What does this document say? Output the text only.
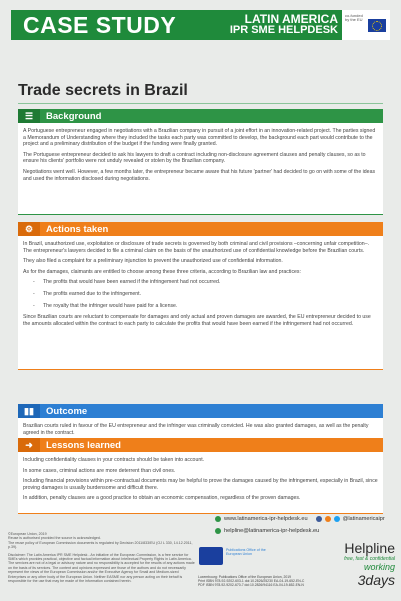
CASE STUDY	LATIN AMERICA
IPR SME HELPDESK
co-funded by the EU
Trade secrets in Brazil
☰	Background

A Portuguese entrepreneur engaged in negotiations with a Brazilian company in pursuit of a joint effort in an innovation-related project. The parties signed a Memorandum of Understanding where they included the tasks each party was committed to develop, the background each part would contribute to the project and a preliminary distribution of the budget if the funding were finally granted.

The Portuguese entrepreneur decided to ask his lawyers to draft a contract including non-disclosure agreement clauses and penalty clauses, so as to ensure his clients' portfolio were not unduly revealed or stolen by the Brazilian company.

Negotiations went well. However, a few months later, the entrepreneur became aware that his future 'partner' had decided to go on with some of the ideas and used the information disclosed during negotiations.

⚙	Actions taken

In Brazil, unauthorized use, exploitation or disclosure of trade secrets is governed by both criminal and civil provisions –concerning unfair competition–. The entrepreneur's lawyers decided to file a criminal claim on the basis of the unauthorized use of confidential knowledge before the Brazilian courts.

They also filed a complaint for a preliminary injunction to prevent the unauthorized use of confidential information.

As for the damages, claimants are entitled to choose among these three criteria, according to Brazilian law and practices:

- The profits that would have been earned if the infringement had not occurred.
- The profits earned due to the infringement.
- The royalty that the infringer would have paid for a license.

Since Brazilian courts are reluctant to compensate for damages and only actual and proven damages are awarded, the EU entrepreneur decided to use the amounts allocated within the contract to each party to calculate the profits that would have been earned if the infringement had not occurred.

▮▮	Outcome

Brazilian courts ruled in favour of the EU entrepreneur and the infringer was criminally convicted. He was also granted damages, as well as the penalty agreed in the contract.

➜	Lessons learned

Including confidentiality clauses in your contracts should be taken into account.

In some cases, criminal actions are more deterrent than civil ones.

Including financial provisions within pre-contractual documents may be helpful to prove the damages caused by the infringement, especially in Brazil, since proving damages is usually burdensome and difficult there.

In addition, penalty clauses are a good practice to obtain an economic compensation, regardless of the proven damages.

©European Union, 2019
Reuse is authorised provided the source is acknowledged.
The reuse policy of European Commission documents is regulated by Decision 2011/833/EU (OJ L 330, 14.12.2011, p.39).

Disclaimer: The Latin America IPR SME Helpdesk - An initiative of the European Commission, is a free service for SMEs which provides practical, objective and factual information about Intellectual Property Rights in Latin America. The services are not of a legal or advisory nature and no responsibility is accepted for the results of any actions made on the basis of its services. The content and opinions expressed are those of the authors and do not necessarily represent the views of the European Commission and/or the Executive Agency for Small and Medium-sized Enterprises or any other body of the European Union. Neither EASME nor any person acting on their behalf is responsible for the use that may be made of the information contained herein.

www.latinamerica-ipr-helpdesk.eu	@latinamericaipr
helpline@latinamerica-ipr-helpdesk.eu
Publications Office of the European Union
Luxembourg: Publications Office of the European Union, 2019
Print ISBN 978-92-9202-603-1 doi:10.2826/25230 EA-04-19-652-EN-C
PDF ISBN 978-92-9202-670-7 doi:10.2826/94116 EA-04-19-652-EN-N
Helpline
free, fast & confidential
working
3days
